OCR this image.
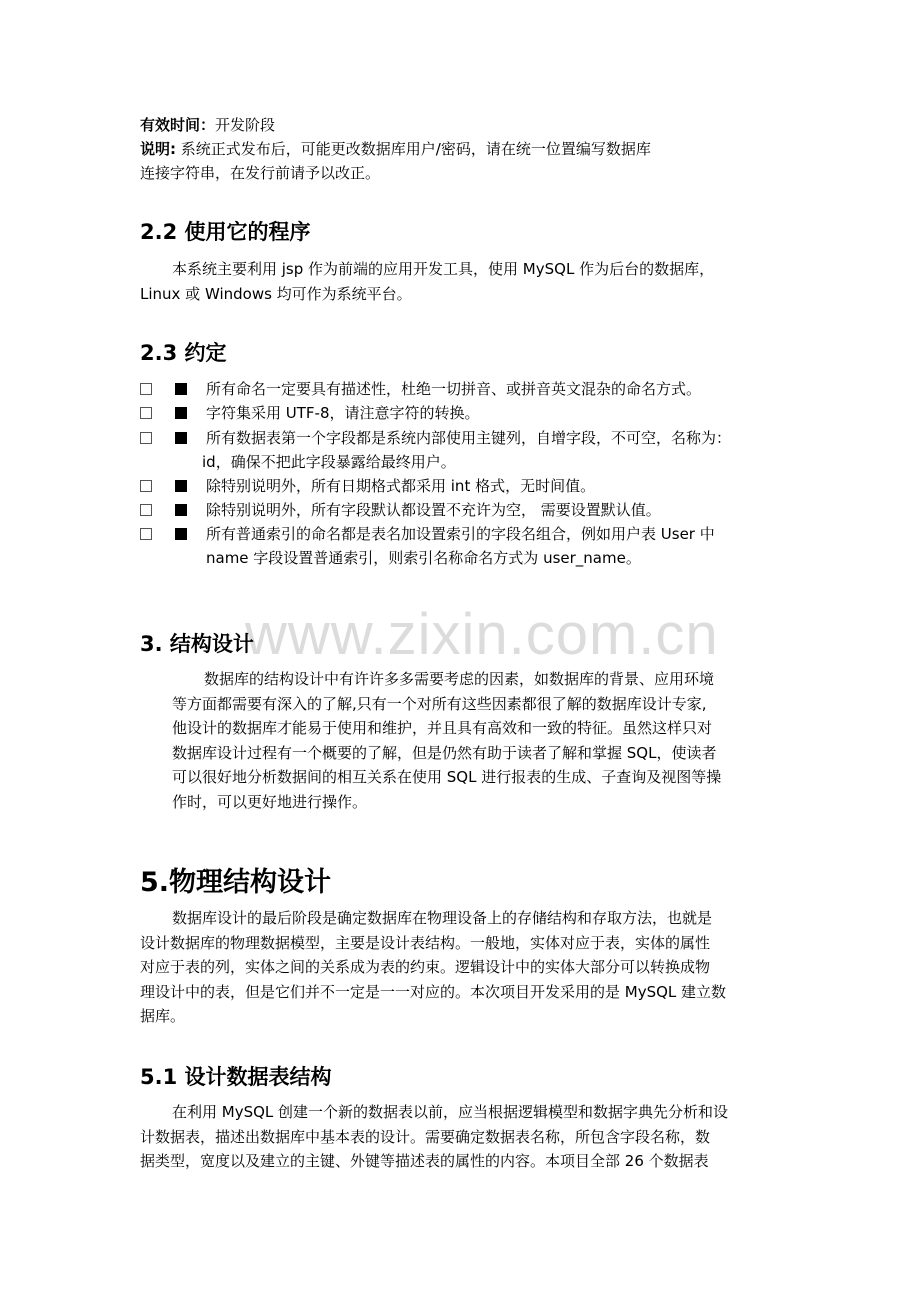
www.zixin.com.cn
有效时间：开发阶段
说明: 系统正式发布后，可能更改数据库用户/密码，请在统一位置编写数据库
连接字符串，在发行前请予以改正。
2.2 使用它的程序
本系统主要利用 jsp 作为前端的应用开发工具，使用 MySQL 作为后台的数据库，
Linux 或 Windows 均可作为系统平台。
2.3 约定
所有命名一定要具有描述性，杜绝一切拼音、或拼音英文混杂的命名方式。
字符集采用 UTF-8，请注意字符的转换。
所有数据表第一个字段都是系统内部使用主键列，自增字段，不可空，名称为：
id，确保不把此字段暴露给最终用户。
除特别说明外，所有日期格式都采用 int 格式，无时间值。
除特别说明外，所有字段默认都设置不充许为空， 需要设置默认值。
所有普通索引的命名都是表名加设置索引的字段名组合，例如用户表 User 中
name 字段设置普通索引，则索引名称命名方式为 user_name。
3. 结构设计
数据库的结构设计中有许许多多需要考虑的因素，如数据库的背景、应用环境
等方面都需要有深入的了解,只有一个对所有这些因素都很了解的数据库设计专家,
他设计的数据库才能易于使用和维护，并且具有高效和一致的特征。虽然这样只对
数据库设计过程有一个概要的了解，但是仍然有助于读者了解和掌握 SQL，使读者
可以很好地分析数据间的相互关系在使用 SQL 进行报表的生成、子查询及视图等操
作时，可以更好地进行操作。
5.物理结构设计
数据库设计的最后阶段是确定数据库在物理设备上的存储结构和存取方法，也就是
设计数据库的物理数据模型，主要是设计表结构。一般地，实体对应于表，实体的属性
对应于表的列，实体之间的关系成为表的约束。逻辑设计中的实体大部分可以转换成物
理设计中的表，但是它们并不一定是一一对应的。本次项目开发采用的是 MySQL 建立数
据库。
5.1 设计数据表结构
在利用 MySQL 创建一个新的数据表以前，应当根据逻辑模型和数据字典先分析和设
计数据表，描述出数据库中基本表的设计。需要确定数据表名称，所包含字段名称，数
据类型，宽度以及建立的主键、外键等描述表的属性的内容。本项目全部 26 个数据表
